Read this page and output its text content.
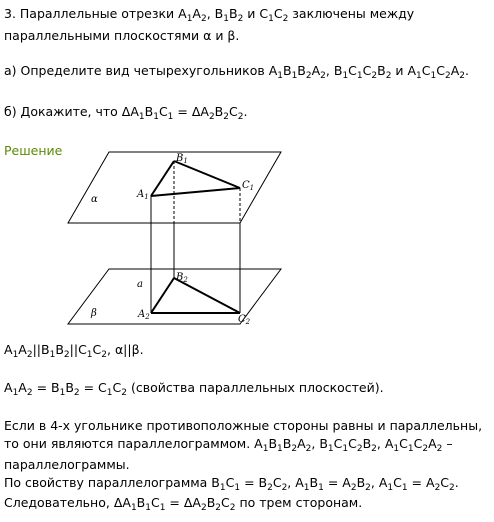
3. Параллельные отрезки $A_1A_2$, $B_1B_2$ и $C_1C_2$ заключены между
параллельными плоскостями α и β.
а) Определите вид четырехугольников $A_1B_1B_2A_2$, $B_1C_1C_2B_2$ и $A_1C_1C_2A_2$.
б) Докажите, что $\Delta A_1B_1C_1 = \Delta A_2B_2C_2$.
Решение
α
β
a
$A_1$
$B_1$
$C_1$
$A_2$
$B_2$
$C_2$
$A_1A_2||B_1B_2||C_1C_2$, α||β.
$A_1A_2 = B_1B_2 = C_1C_2$ (свойства параллельных плоскостей).
Если в 4-х угольнике противоположные стороны равны и параллельны,
то они являются параллелограммом. $A_1B_1B_2A_2$, $B_1C_1C_2B_2$, $A_1C_1C_2A_2$ –
параллелограммы.
По свойству параллелограмма $B_1C_1 = B_2C_2$, $A_1B_1 = A_2B_2$, $A_1C_1 = A_2C_2$.
Следовательно, $\Delta A_1B_1C_1 = \Delta A_2B_2C_2$ по трем сторонам.
